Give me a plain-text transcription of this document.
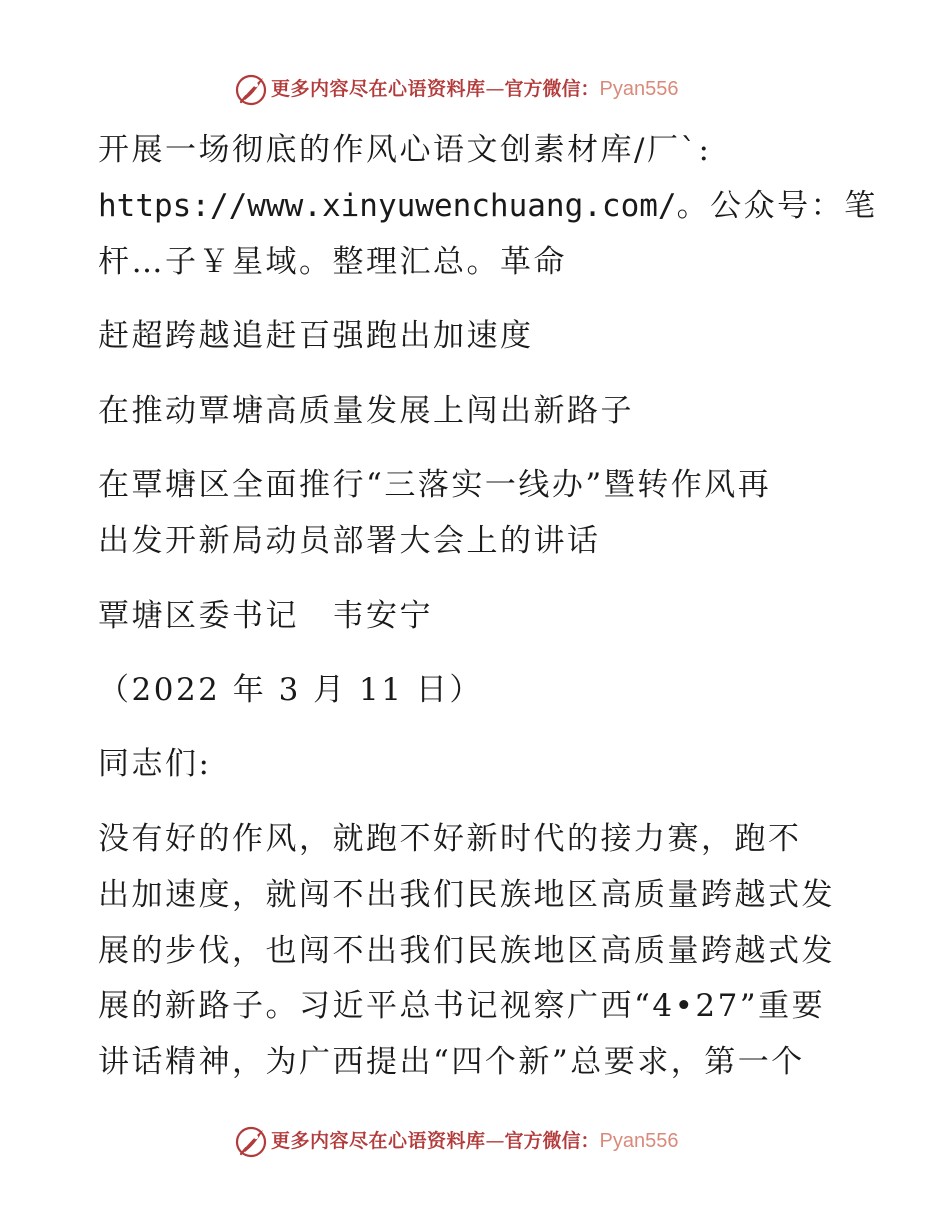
更多内容尽在心语资料库—官方微信：Pyan556
开展一场彻底的作风心语文创素材库/厂`:
https://www.xinyuwenchuang.com/。公众号：笔
杆…子￥星域。整理汇总。革命
赶超跨越追赶百强跑出加速度
在推动覃塘高质量发展上闯出新路子
在覃塘区全面推行“三落实一线办”暨转作风再
出发开新局动员部署大会上的讲话
覃塘区委书记　韦安宁
（2022 年 3 月 11 日）
同志们:
没有好的作风，就跑不好新时代的接力赛，跑不
出加速度，就闯不出我们民族地区高质量跨越式发
展的步伐，也闯不出我们民族地区高质量跨越式发
展的新路子。习近平总书记视察广西“4•27”重要
讲话精神，为广西提出“四个新”总要求，第一个
更多内容尽在心语资料库—官方微信：Pyan556
